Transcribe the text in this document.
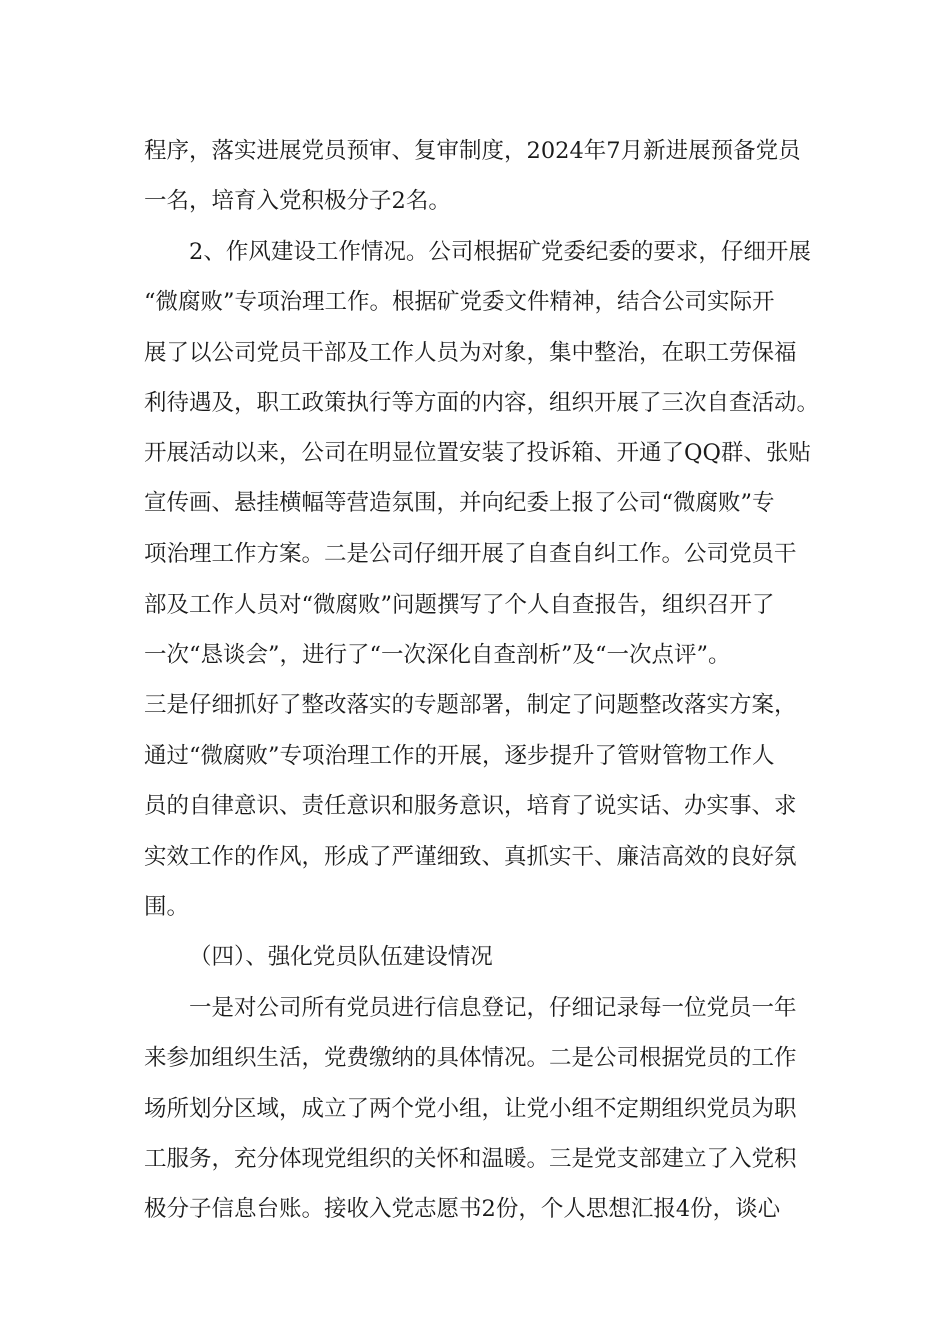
程序，落实进展党员预审、复审制度，2024年7月新进展预备党员
一名，培育入党积极分子2名。
2、作风建设工作情况。公司根据矿党委纪委的要求，仔细开展
“微腐败”专项治理工作。根据矿党委文件精神，结合公司实际开
展了以公司党员干部及工作人员为对象，集中整治，在职工劳保福
利待遇及，职工政策执行等方面的内容，组织开展了三次自查活动。
开展活动以来，公司在明显位置安装了投诉箱、开通了QQ群、张贴
宣传画、悬挂横幅等营造氛围，并向纪委上报了公司“微腐败”专
项治理工作方案。二是公司仔细开展了自查自纠工作。公司党员干
部及工作人员对“微腐败”问题撰写了个人自查报告，组织召开了
一次“恳谈会”，进行了“一次深化自查剖析”及“一次点评”。
三是仔细抓好了整改落实的专题部署，制定了问题整改落实方案，
通过“微腐败”专项治理工作的开展，逐步提升了管财管物工作人
员的自律意识、责任意识和服务意识，培育了说实话、办实事、求
实效工作的作风，形成了严谨细致、真抓实干、廉洁高效的良好氛
围。
（四）、强化党员队伍建设情况
一是对公司所有党员进行信息登记，仔细记录每一位党员一年
来参加组织生活，党费缴纳的具体情况。二是公司根据党员的工作
场所划分区域，成立了两个党小组，让党小组不定期组织党员为职
工服务，充分体现党组织的关怀和温暖。三是党支部建立了入党积
极分子信息台账。接收入党志愿书2份，个人思想汇报4份，谈心
